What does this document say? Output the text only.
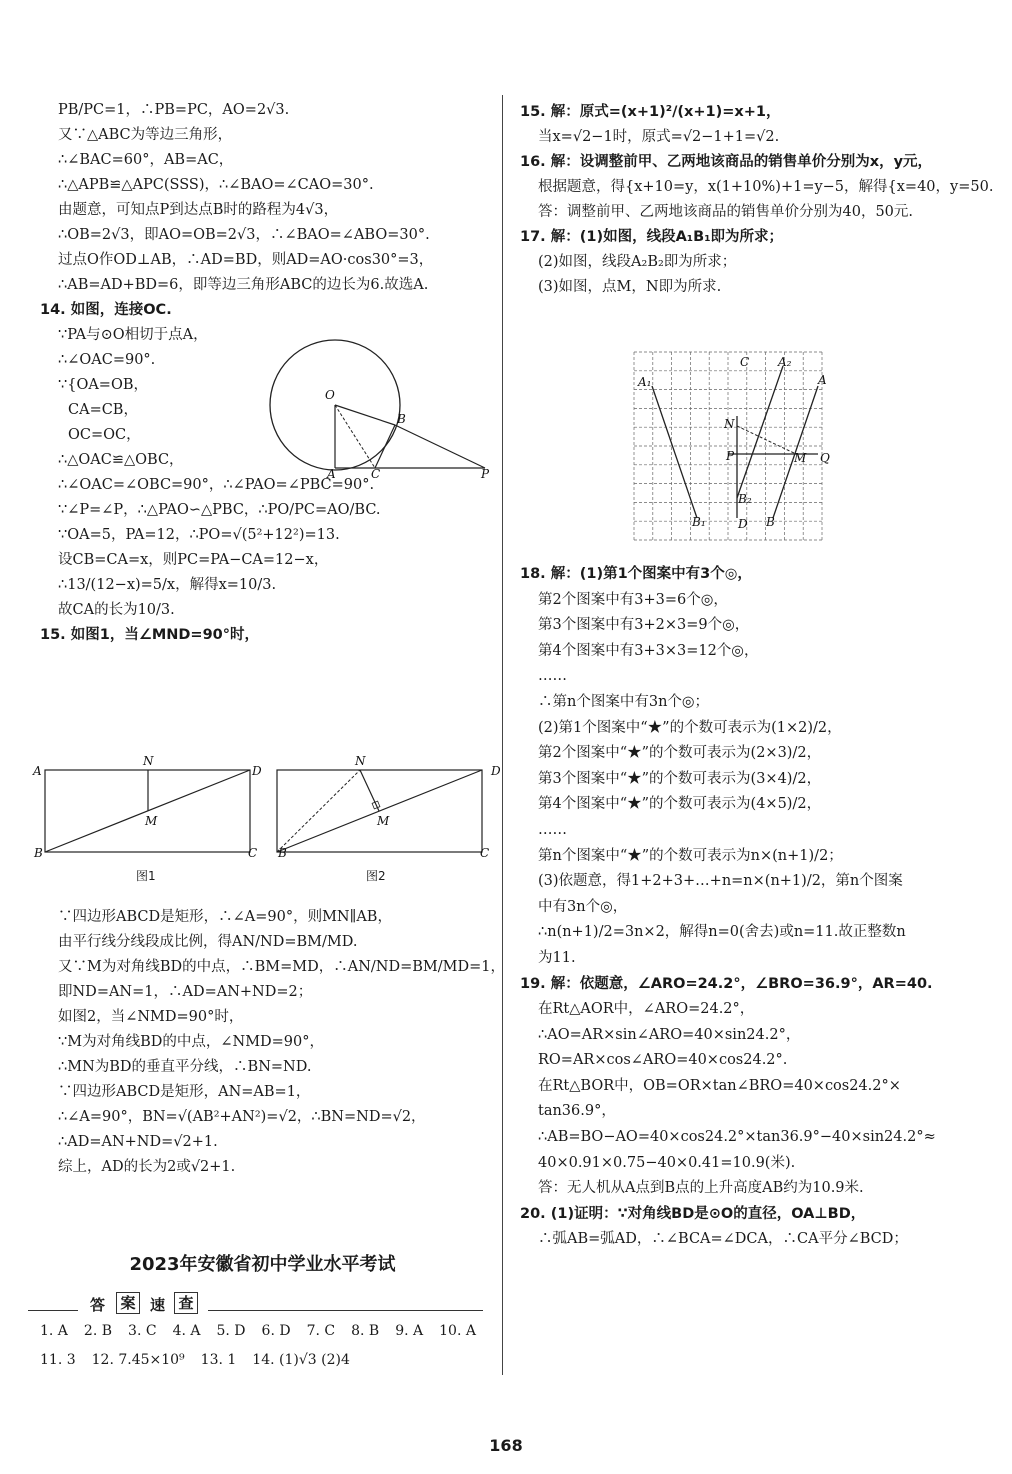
PB/PC=1，∴PB=PC，AO=2√3.
又∵△ABC为等边三角形，
∴∠BAC=60°，AB=AC，
∴△APB≌△APC(SSS)，∴∠BAO=∠CAO=30°.
由题意，可知点P到达点B时的路程为4√3，
∴OB=2√3，即AO=OB=2√3，∴∠BAO=∠ABO=30°.
过点O作OD⊥AB，∴AD=BD，则AD=AO·cos30°=3，
∴AB=AD+BD=6，即等边三角形ABC的边长为6.故选A.
14. 如图，连接OC.
∵PA与⊙O相切于点A，
∴∠OAC=90°.
∵{OA=OB，
CA=CB，
OC=OC，
∴△OAC≌△OBC，
∴∠OAC=∠OBC=90°，∴∠PAO=∠PBC=90°.
∵∠P=∠P，∴△PAO∽△PBC，∴PO/PC=AO/BC.
∵OA=5，PA=12，∴PO=√(5²+12²)=13.
设CB=CA=x，则PC=PA−CA=12−x，
∴13/(12−x)=5/x，解得x=10/3.
故CA的长为10/3.
15. 如图1，当∠MND=90°时，
O
A	C
B
P
A	D
N
M
D
N
M
B	C B	C
图1	图2
∵四边形ABCD是矩形，∴∠A=90°，则MN∥AB，
由平行线分线段成比例，得AN/ND=BM/MD.
又∵M为对角线BD的中点，∴BM=MD，∴AN/ND=BM/MD=1，
即ND=AN=1，∴AD=AN+ND=2；
如图2，当∠NMD=90°时，
∵M为对角线BD的中点，∠NMD=90°，
∴MN为BD的垂直平分线，∴BN=ND.
∵四边形ABCD是矩形，AN=AB=1，
∴∠A=90°，BN=√(AB²+AN²)=√2，∴BN=ND=√2，
∴AD=AN+ND=√2+1.
综上，AD的长为2或√2+1.
2023年安徽省初中学业水平考试
答 案 速 查
1. A 2. B 3. C 4. A 5. D 6. D 7. C 8. B 9. A 10. A
11. 3 12. 7.45×10⁹ 13. 1 14. (1)√3 (2)4
15. 解：原式=(x+1)²/(x+1)=x+1，
当x=√2−1时，原式=√2−1+1=√2.
16. 解：设调整前甲、乙两地该商品的销售单价分别为x，y元，
根据题意，得{x+10=y，x(1+10%)+1=y−5，解得{x=40，y=50.
答：调整前甲、乙两地该商品的销售单价分别为40，50元.
17. 解：(1)如图，线段A₁B₁即为所求；
(2)如图，线段A₂B₂即为所求；
(3)如图，点M，N即为所求.
A₁
B₁
C A₂
A
N
P	M Q
B₂
D B
18. 解：(1)第1个图案中有3个◎，
第2个图案中有3+3=6个◎，
第3个图案中有3+2×3=9个◎，
第4个图案中有3+3×3=12个◎，
……
∴第n个图案中有3n个◎；
(2)第1个图案中“★”的个数可表示为(1×2)/2，
第2个图案中“★”的个数可表示为(2×3)/2，
第3个图案中“★”的个数可表示为(3×4)/2，
第4个图案中“★”的个数可表示为(4×5)/2，
……
第n个图案中“★”的个数可表示为n×(n+1)/2；
(3)依题意，得1+2+3+…+n=n×(n+1)/2，第n个图案
中有3n个◎，
∴n(n+1)/2=3n×2，解得n=0(舍去)或n=11.故正整数n
为11.
19. 解：依题意，∠ARO=24.2°，∠BRO=36.9°，AR=40.
在Rt△AOR中，∠ARO=24.2°，
∴AO=AR×sin∠ARO=40×sin24.2°，
RO=AR×cos∠ARO=40×cos24.2°.
在Rt△BOR中，OB=OR×tan∠BRO=40×cos24.2°×
tan36.9°，
∴AB=BO−AO=40×cos24.2°×tan36.9°−40×sin24.2°≈
40×0.91×0.75−40×0.41=10.9(米).
答：无人机从A点到B点的上升高度AB约为10.9米.
20. (1)证明：∵对角线BD是⊙O的直径，OA⊥BD，
∴弧AB=弧AD，∴∠BCA=∠DCA，∴CA平分∠BCD；
168
